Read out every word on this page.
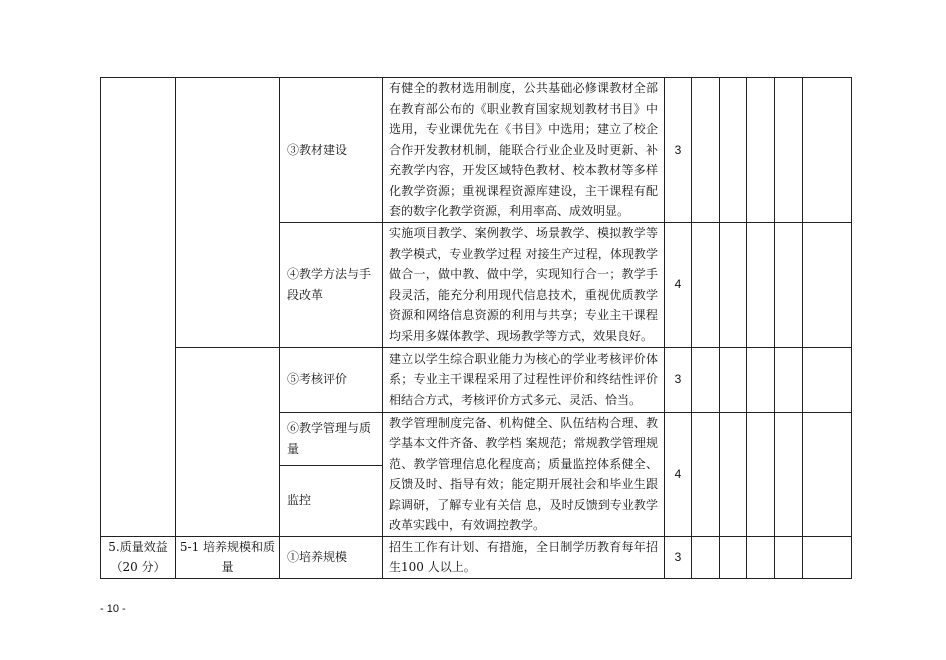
		③教材建设	有健全的教材选用制度，公共基础必修课教材全部在教育部公布的《职业教育国家规划教材书目》中选用，专业课优先在《书目》中选用；建立了校企合作开发教材机制，能联合行业企业及时更新、补充教学内容，开发区域特色教材、校本教材等多样化教学资源；重视课程资源库建设，主干课程有配套的数字化教学资源，利用率高、成效明显。	3					
		④教学方法与手段改革	实施项目教学、案例教学、场景教学、模拟教学等教学模式，专业教学过程 对接生产过程，体现教学做合一，做中教、做中学，实现知行合一；教学手段灵活，能充分利用现代信息技术，重视优质教学资源和网络信息资源的利用与共享；专业主干课程均采用多媒体教学、现场教学等方式，效果良好。	4					
		⑤考核评价	建立以学生综合职业能力为核心的学业考核评价体系；专业主干课程采用了过程性评价和终结性评价相结合方式，考核评价方式多元、灵活、恰当。	3					
		⑥教学管理与质量	教学管理制度完备、机构健全、队伍结构合理、教学基本文件齐备、教学档 案规范；常规教学管理规范、教学管理信息化程度高；质量监控体系健全、反馈及时、指导有效；能定期开展社会和毕业生跟踪调研，了解专业有关信 息，及时反馈到专业教学改革实践中，有效调控教学。	4					
		监控							
5.质量效益（20 分）	5-1 培养规模和质量	①培养规模	招生工作有计划、有措施，全日制学历教育每年招生100 人以上。	3					
- 10 -
